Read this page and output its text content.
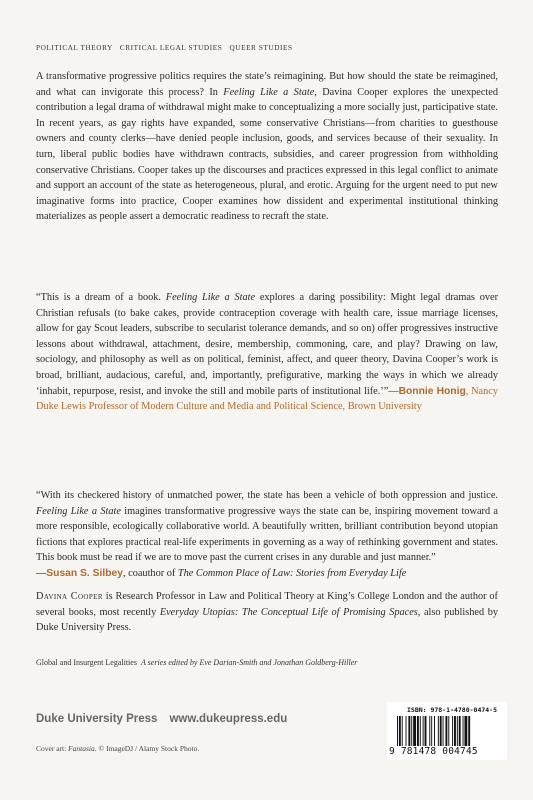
POLITICAL THEORY   CRITICAL LEGAL STUDIES   QUEER STUDIES
A transformative progressive politics requires the state’s reimagining. But how should the state be reimagined, and what can invigorate this process? In Feeling Like a State, Davina Cooper explores the unexpected contribution a legal drama of withdrawal might make to conceptualizing a more socially just, participative state. In recent years, as gay rights have expanded, some conservative Christians—from charities to guesthouse owners and county clerks—have denied people inclusion, goods, and services because of their sexuality. In turn, liberal public bodies have withdrawn contracts, subsidies, and career progression from withholding conservative Christians. Cooper takes up the discourses and practices expressed in this legal conflict to animate and support an account of the state as heterogeneous, plural, and erotic. Arguing for the urgent need to put new imaginative forms into practice, Cooper examines how dissident and experimental institutional thinking materializes as people assert a democratic readiness to recraft the state.
“This is a dream of a book. Feeling Like a State explores a daring possibility: Might legal dramas over Christian refusals (to bake cakes, provide contraception coverage with health care, issue marriage licenses, allow for gay Scout leaders, subscribe to secularist tolerance demands, and so on) offer progressives instructive lessons about withdrawal, attachment, desire, membership, commoning, care, and play? Drawing on law, sociology, and philosophy as well as on political, feminist, affect, and queer theory, Davina Cooper’s work is broad, brilliant, audacious, careful, and, importantly, prefigurative, marking the ways in which we already ‘inhabit, repurpose, resist, and invoke the still and mobile parts of institutional life.’”—Bonnie Honig, Nancy Duke Lewis Professor of Modern Culture and Media and Political Science, Brown University
“With its checkered history of unmatched power, the state has been a vehicle of both oppression and justice. Feeling Like a State imagines transformative progressive ways the state can be, inspiring movement toward a more responsible, ecologically collaborative world. A beautifully written, brilliant contribution beyond utopian fictions that explores practical real-life experiments in governing as a way of rethinking government and states. This book must be read if we are to move past the current crises in any durable and just manner.”
—Susan S. Silbey, coauthor of The Common Place of Law: Stories from Everyday Life
Davina Cooper is Research Professor in Law and Political Theory at King’s College London and the author of several books, most recently Everyday Utopias: The Conceptual Life of Promising Spaces, also published by Duke University Press.
Global and Insurgent Legalities A series edited by Eve Darian-Smith and Jonathan Goldberg-Hiller
Duke University Press www.dukeupress.edu
Cover art: Fantasia. © ImageDJ / Alamy Stock Photo.
ISBN: 978-1-4780-0474-5
9 781478 004745
